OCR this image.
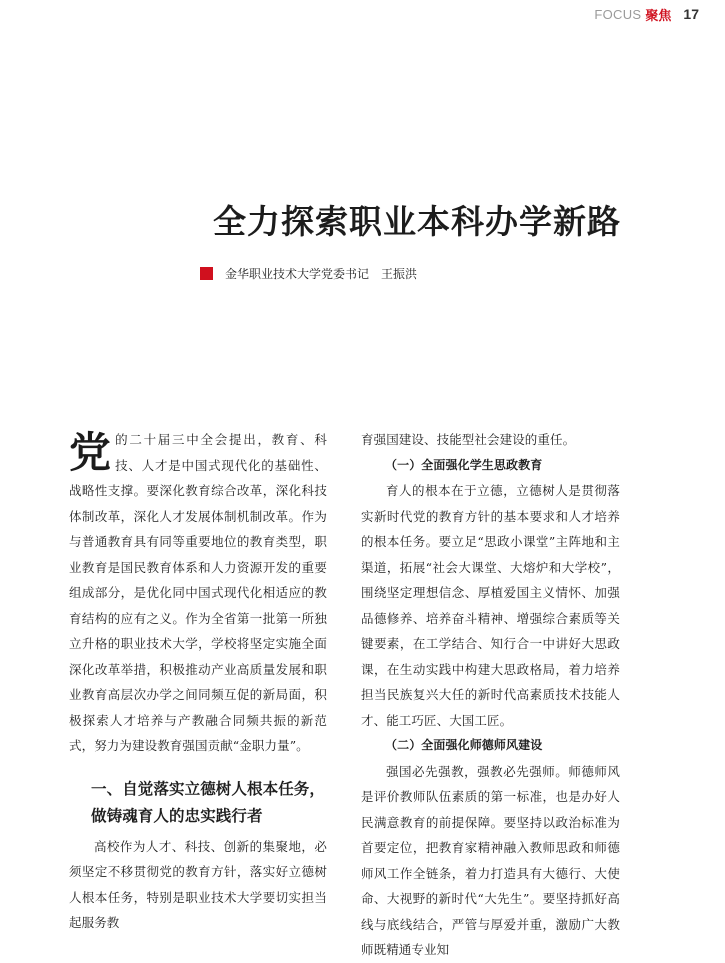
FOCUS 聚焦 17
全力探索职业本科办学新路
金华职业技术大学党委书记　王振洪

党的二十届三中全会提出，教育、科技、人才是中国式现代化的基础性、战略性支撑。要深化教育综合改革，深化科技体制改革，深化人才发展体制机制改革。作为与普通教育具有同等重要地位的教育类型，职业教育是国民教育体系和人力资源开发的重要组成部分，是优化同中国式现代化相适应的教育结构的应有之义。作为全省第一批第一所独立升格的职业技术大学，学校将坚定实施全面深化改革举措，积极推动产业高质量发展和职业教育高层次办学之间同频互促的新局面，积极探索人才培养与产教融合同频共振的新范式，努力为建设教育强国贡献“金职力量”。

一、自觉落实立德树人根本任务，做铸魂育人的忠实践行者

高校作为人才、科技、创新的集聚地，必须坚定不移贯彻党的教育方针，落实好立德树人根本任务，特别是职业技术大学要切实担当起服务教

育强国建设、技能型社会建设的重任。

（一）全面强化学生思政教育

育人的根本在于立德，立德树人是贯彻落实新时代党的教育方针的基本要求和人才培养的根本任务。要立足“思政小课堂”主阵地和主渠道，拓展“社会大课堂、大熔炉和大学校”，围绕坚定理想信念、厚植爱国主义情怀、加强品德修养、培养奋斗精神、增强综合素质等关键要素，在工学结合、知行合一中讲好大思政课，在生动实践中构建大思政格局，着力培养担当民族复兴大任的新时代高素质技术技能人才、能工巧匠、大国工匠。

（二）全面强化师德师风建设

强国必先强教，强教必先强师。师德师风是评价教师队伍素质的第一标准，也是办好人民满意教育的前提保障。要坚持以政治标准为首要定位，把教育家精神融入教师思政和师德师风工作全链条，着力打造具有大德行、大使命、大视野的新时代“大先生”。要坚持抓好高线与底线结合，严管与厚爱并重，激励广大教师既精通专业知
